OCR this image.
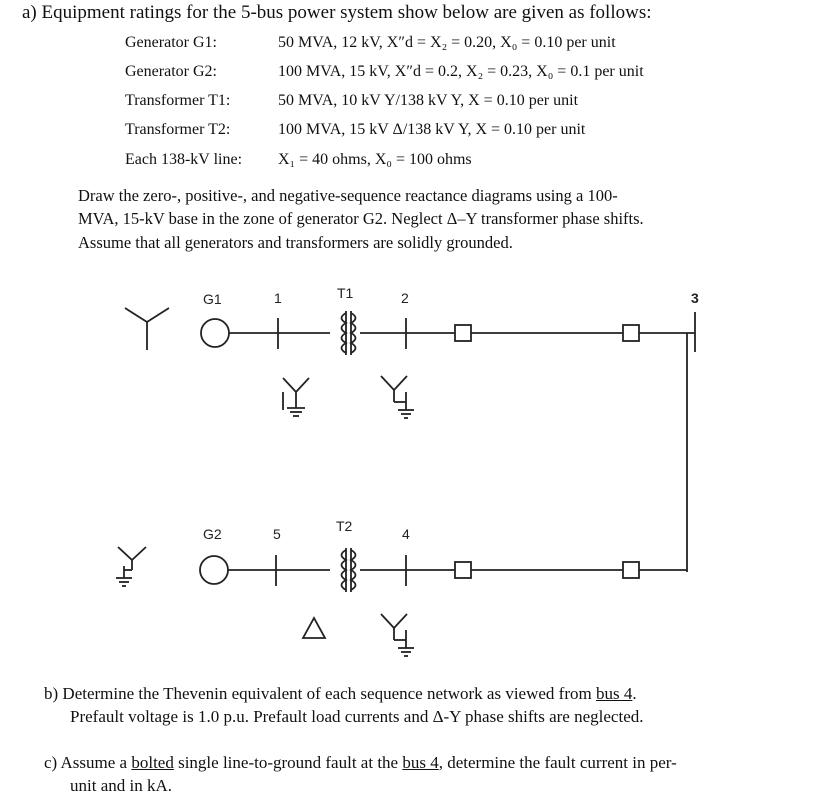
a) Equipment ratings for the 5-bus power system show below are given as follows:
Generator G1:	50 MVA, 12 kV, X″d = X₂ = 0.20, X₀ = 0.10 per unit
Generator G2:	100 MVA, 15 kV, X″d = 0.2, X₂ = 0.23, X₀ = 0.1 per unit
Transformer T1:	50 MVA, 10 kV Y/138 kV Y, X = 0.10 per unit
Transformer T2:	100 MVA, 15 kV Δ/138 kV Y, X = 0.10 per unit
Each 138-kV line: X₁ = 40 ohms, X₀ = 100 ohms
Draw the zero-, positive-, and negative-sequence reactance diagrams using a 100-
MVA, 15-kV base in the zone of generator G2. Neglect Δ–Y transformer phase shifts.
Assume that all generators and transformers are solidly grounded.
G1	1	T1	2	3
G2	5	T2	4
b) Determine the Thevenin equivalent of each sequence network as viewed from bus 4.
Prefault voltage is 1.0 p.u. Prefault load currents and Δ-Y phase shifts are neglected.
c) Assume a bolted single line-to-ground fault at the bus 4, determine the fault current in per-
unit and in kA.
